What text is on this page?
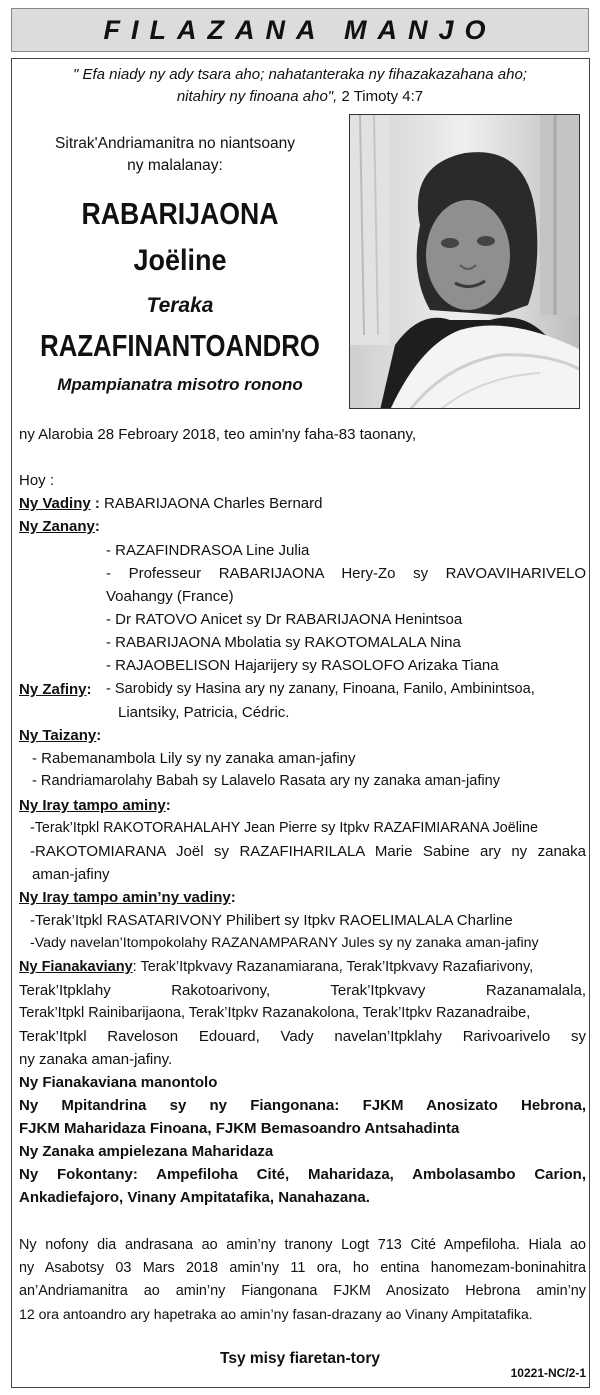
FILAZANA MANJO
" Efa niady ny ady tsara aho; nahatanteraka ny fihazakazahana aho;
nitahiry ny finoana aho", 2 Timoty 4:7
Sitrak'Andriamanitra no niantsoany
ny malalanay:
RABARIJAONA
Joëline
Teraka
RAZAFINANTOANDRO
Mpampianatra misotro ronono
ny Alarobia 28 Febroary 2018, teo amin'ny faha-83 taonany,
Hoy :
Ny Vadiny : RABARIJAONA Charles Bernard
Ny Zanany:
- RAZAFINDRASOA Line Julia
- Professeur RABARIJAONA Hery-Zo sy RAVOAVIHARIVELO
Voahangy (France)
- Dr RATOVO Anicet sy Dr RABARIJAONA Henintsoa
- RABARIJAONA Mbolatia sy RAKOTOMALALA Nina
- RAJAOBELISON Hajarijery sy RASOLOFO Arizaka Tiana
Ny Zafiny: - Sarobidy sy Hasina ary ny zanany, Finoana, Fanilo, Ambinintsoa,
Liantsiky, Patricia, Cédric.
Ny Taizany:
- Rabemanambola Lily sy ny zanaka aman-jafiny
- Randriamarolahy Babah sy Lalavelo Rasata ary ny zanaka aman-jafiny
Ny Iray tampo aminy:
-Terak’Itpkl RAKOTORAHALAHY Jean Pierre sy Itpkv RAZAFIMIARANA Joëline
-RAKOTOMIARANA Joël sy RAZAFIHARILALA Marie Sabine ary ny zanaka
aman-jafiny
Ny Iray tampo amin’ny vadiny:
-Terak’Itpkl RASATARIVONY Philibert sy Itpkv RAOELIMALALA Charline
-Vady navelan’Itompokolahy RAZANAMPARANY Jules sy ny zanaka aman-jafiny
Ny Fianakaviany: Terak’Itpkvavy Razanamiarana, Terak’Itpkvavy Razafiarivony,
Terak’Itpklahy Rakotoarivony, Terak’Itpkvavy Razanamalala,
Terak’Itpkl Rainibarijaona, Terak’Itpkv Razanakolona, Terak’Itpkv Razanadraibe,
Terak’Itpkl Raveloson Edouard, Vady navelan’Itpklahy Rarivoarivelo sy
ny zanaka aman-jafiny.
Ny Fianakaviana manontolo
Ny Mpitandrina sy ny Fiangonana: FJKM Anosizato Hebrona,
FJKM Maharidaza Finoana, FJKM Bemasoandro Antsahadinta
Ny Zanaka ampielezana Maharidaza
Ny Fokontany: Ampefiloha Cité, Maharidaza, Ambolasambo Carion,
Ankadiefajoro, Vinany Ampitatafika, Nanahazana.
Ny nofony dia andrasana ao amin’ny tranony Logt 713 Cité Ampefiloha. Hiala ao
ny Asabotsy 03 Mars 2018 amin’ny 11 ora, ho entina hanomezam-boninahitra
an’Andriamanitra ao amin’ny Fiangonana FJKM Anosizato Hebrona amin’ny
12 ora antoandro ary hapetraka ao amin’ny fasan-drazany ao Vinany Ampitatafika.
Tsy misy fiaretan-tory
10221-NC/2-1
